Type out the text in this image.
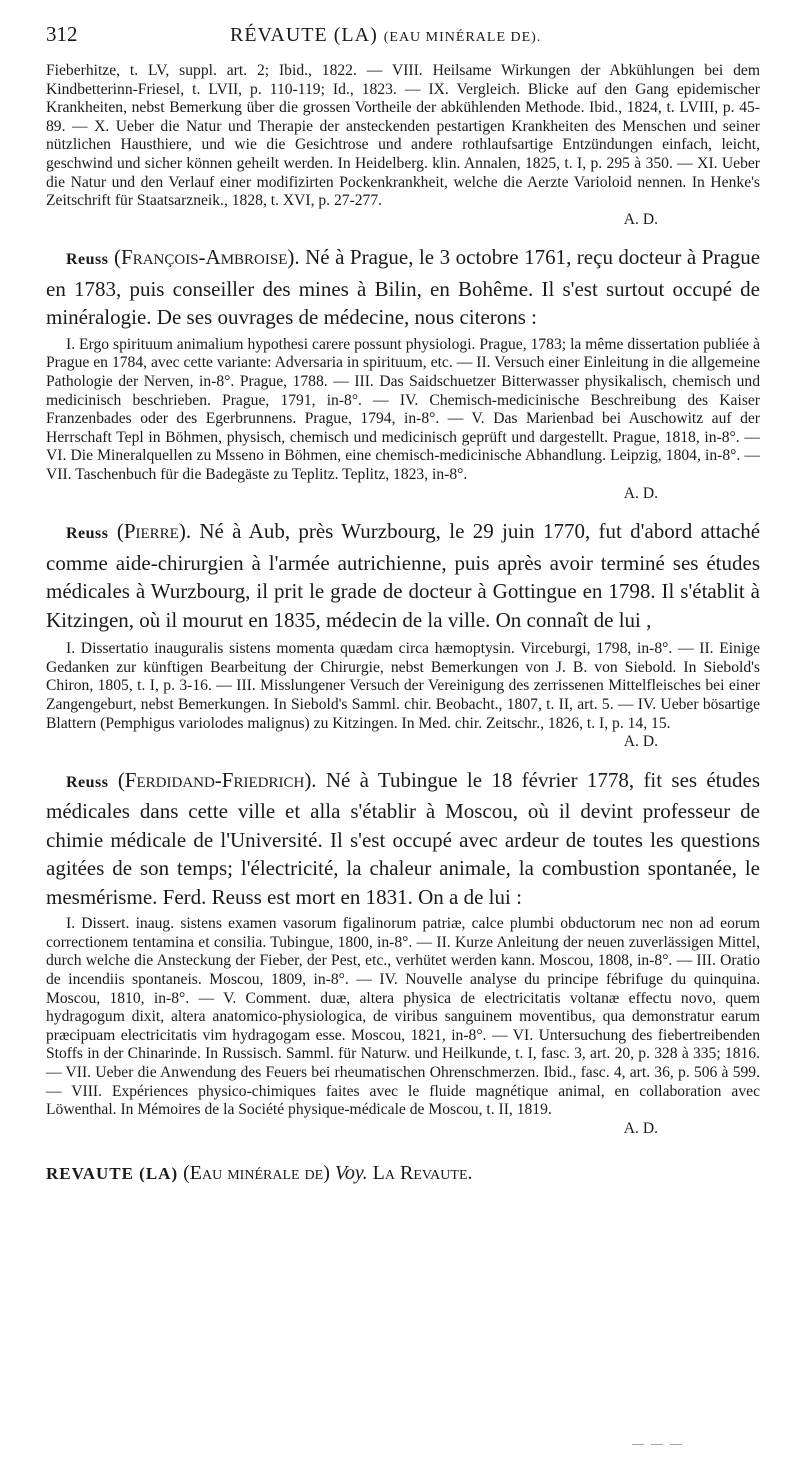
312	RÉVAUTE (LA) (EAU MINÉRALE DE).

Fieberhitze, t. LV, suppl. art. 2; Ibid., 1822. — VIII. Heilsame Wirkungen der Abkühlungen bei dem Kindbetterinn-Friesel, t. LVII, p. 110-119; Id., 1823. — IX. Vergleich. Blicke auf den Gang epidemischer Krankheiten, nebst Bemerkung über die grossen Vortheile der abkühlenden Methode. Ibid., 1824, t. LVIII, p. 45-89. — X. Ueber die Natur und Therapie der ansteckenden pestartigen Krankheiten des Menschen und seiner nützlichen Hausthiere, und wie die Gesichtrose und andere rothlaufsartige Entzündungen einfach, leicht, geschwind und sicher können geheilt werden. In Heidelberg. klin. Annalen, 1825, t. I, p. 295 à 350. — XI. Ueber die Natur und den Verlauf einer modifizirten Pockenkrankheit, welche die Aerzte Varioloid nennen. In Henke's Zeitschrift für Staatsarzneik., 1828, t. XVI, p. 27-277.

A. D.

Reuss (François-Ambroise). Né à Prague, le 3 octobre 1761, reçu docteur à Prague en 1783, puis conseiller des mines à Bilin, en Bohême. Il s'est surtout occupé de minéralogie. De ses ouvrages de médecine, nous citerons :

I. Ergo spirituum animalium hypothesi carere possunt physiologi. Prague, 1783; la même dissertation publiée à Prague en 1784, avec cette variante: Adversaria in spirituum, etc. — II. Versuch einer Einleitung in die allgemeine Pathologie der Nerven, in-8°. Prague, 1788. — III. Das Saidschuetzer Bitterwasser physikalisch, chemisch und medicinisch beschrieben. Prague, 1791, in-8°. — IV. Chemisch-medicinische Beschreibung des Kaiser Franzenbades oder des Egerbrunnens. Prague, 1794, in-8°. — V. Das Marienbad bei Auschowitz auf der Herrschaft Tepl in Böhmen, physisch, chemisch und medicinisch geprüft und dargestellt. Prague, 1818, in-8°. — VI. Die Mineralquellen zu Msseno in Böhmen, eine chemisch-medicinische Abhandlung. Leipzig, 1804, in-8°. — VII. Taschenbuch für die Badegäste zu Teplitz. Teplitz, 1823, in-8°.

A. D.

Reuss (Pierre). Né à Aub, près Wurzbourg, le 29 juin 1770, fut d'abord attaché comme aide-chirurgien à l'armée autrichienne, puis après avoir terminé ses études médicales à Wurzbourg, il prit le grade de docteur à Gottingue en 1798. Il s'établit à Kitzingen, où il mourut en 1835, médecin de la ville. On connaît de lui ,

I. Dissertatio inauguralis sistens momenta quædam circa hæmoptysin. Virceburgi, 1798, in-8°. — II. Einige Gedanken zur künftigen Bearbeitung der Chirurgie, nebst Bemerkungen von J. B. von Siebold. In Siebold's Chiron, 1805, t. I, p. 3-16. — III. Misslungener Versuch der Vereinigung des zerrissenen Mittelfleisches bei einer Zangengeburt, nebst Bemerkungen. In Siebold's Samml. chir. Beobacht., 1807, t. II, art. 5. — IV. Ueber bösartige Blattern (Pemphigus variolodes malignus) zu Kitzingen. In Med. chir. Zeitschr., 1826, t. I, p. 14, 15.

A. D.

Reuss (Ferdidand-Friedrich). Né à Tubingue le 18 février 1778, fit ses études médicales dans cette ville et alla s'établir à Moscou, où il devint professeur de chimie médicale de l'Université. Il s'est occupé avec ardeur de toutes les questions agitées de son temps; l'électricité, la chaleur animale, la combustion spontanée, le mesmérisme. Ferd. Reuss est mort en 1831. On a de lui :

I. Dissert. inaug. sistens examen vasorum figalinorum patriæ, calce plumbi obductorum nec non ad eorum correctionem tentamina et consilia. Tubingue, 1800, in-8°. — II. Kurze Anleitung der neuen zuverlässigen Mittel, durch welche die Ansteckung der Fieber, der Pest, etc., verhütet werden kann. Moscou, 1808, in-8°. — III. Oratio de incendiis spontaneis. Moscou, 1809, in-8°. — IV. Nouvelle analyse du principe fébrifuge du quinquina. Moscou, 1810, in-8°. — V. Comment. duæ, altera physica de electricitatis voltanæ effectu novo, quem hydragogum dixit, altera anatomico-physiologica, de viribus sanguinem moventibus, qua demonstratur earum præcipuam electricitatis vim hydragogam esse. Moscou, 1821, in-8°. — VI. Untersuchung des fiebertreibenden Stoffs in der Chinarinde. In Russisch. Samml. für Naturw. und Heilkunde, t. I, fasc. 3, art. 20, p. 328 à 335; 1816. — VII. Ueber die Anwendung des Feuers bei rheumatischen Ohrenschmerzen. Ibid., fasc. 4, art. 36, p. 506 à 599. — VIII. Expériences physico-chimiques faites avec le fluide magnétique animal, en collaboration avec Löwenthal. In Mémoires de la Société physique-médicale de Moscou, t. II, 1819.

A. D.

REVAUTE (LA) (Eau minérale de) Voy. La Revaute.

— — —
